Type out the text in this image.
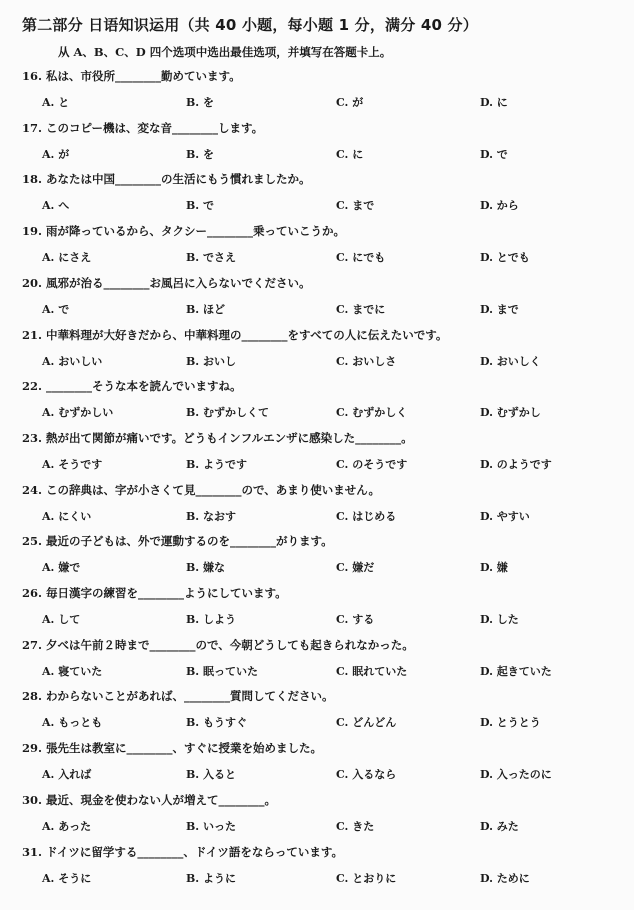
第二部分 日语知识运用（共 40 小题，每小题 1 分，满分 40 分）
从 A、B、C、D 四个选项中选出最佳选项，并填写在答题卡上。
16. 私は、市役所________勤めています。
A. と	B. を	C. が	D. に
17. このコピー機は、変な音________します。
A. が	B. を	C. に	D. で
18. あなたは中国________の生活にもう慣れましたか。
A. へ	B. で	C. まで	D. から
19. 雨が降っているから、タクシー________乗っていこうか。
A. にさえ	B. でさえ	C. にでも	D. とでも
20. 風邪が治る________お風呂に入らないでください。
A. で	B. ほど	C. までに	D. まで
21. 中華料理が大好きだから、中華料理の________をすべての人に伝えたいです。
A. おいしい	B. おいし	C. おいしさ	D. おいしく
22. ________そうな本を読んでいますね。
A. むずかしい	B. むずかしくて	C. むずかしく	D. むずかし
23. 熱が出て関節が痛いです。どうもインフルエンザに感染した________。
A. そうです	B. ようです	C. のそうです	D. のようです
24. この辞典は、字が小さくて見________ので、あまり使いません。
A. にくい	B. なおす	C. はじめる	D. やすい
25. 最近の子どもは、外で運動するのを________がります。
A. 嫌で	B. 嫌な	C. 嫌だ	D. 嫌
26. 毎日漢字の練習を________ようにしています。
A. して	B. しよう	C. する	D. した
27. 夕べは午前２時まで________ので、今朝どうしても起きられなかった。
A. 寝ていた	B. 眠っていた	C. 眠れていた	D. 起きていた
28. わからないことがあれば、________質問してください。
A. もっとも	B. もうすぐ	C. どんどん	D. とうとう
29. 張先生は教室に________、すぐに授業を始めました。
A. 入れば	B. 入ると	C. 入るなら	D. 入ったのに
30. 最近、現金を使わない人が増えて________。
A. あった	B. いった	C. きた	D. みた
31. ドイツに留学する________、ドイツ語をならっています。
A. そうに	B. ように	C. とおりに	D. ために
